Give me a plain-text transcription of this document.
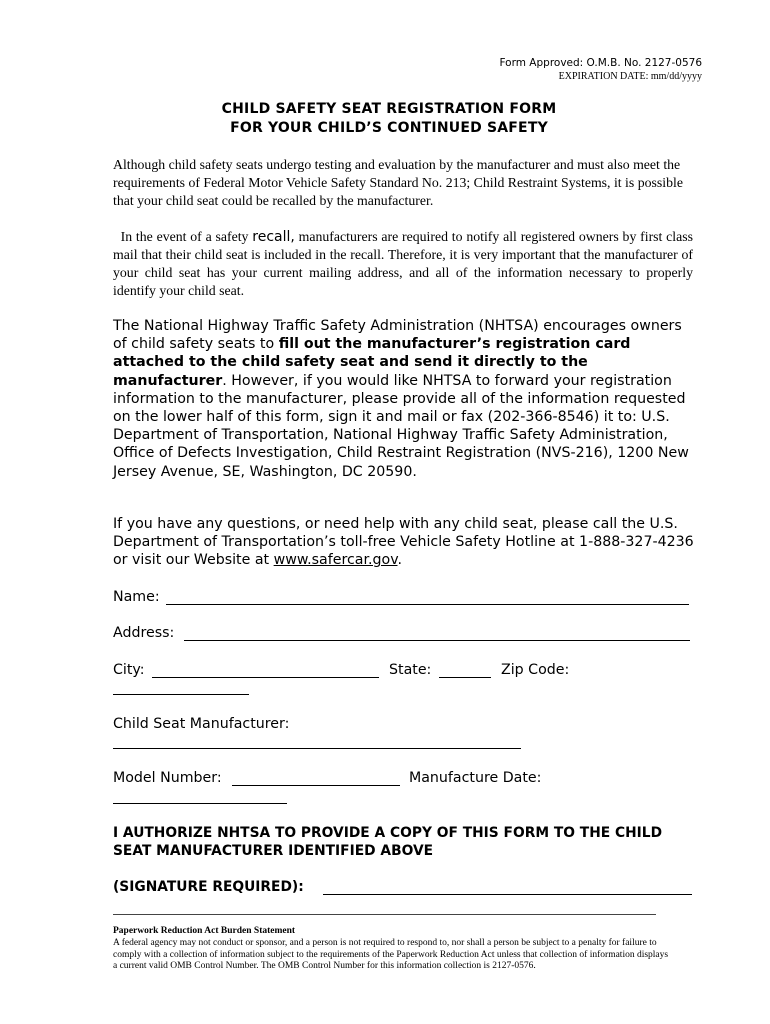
Form Approved: O.M.B. No. 2127-0576
EXPIRATION DATE: mm/dd/yyyy
CHILD SAFETY SEAT REGISTRATION FORM
FOR YOUR CHILD’S CONTINUED SAFETY
Although child safety seats undergo testing and evaluation by the manufacturer and must also meet the requirements of Federal Motor Vehicle Safety Standard No. 213; Child Restraint Systems, it is possible that your child seat could be recalled by the manufacturer.
In the event of a safety recall, manufacturers are required to notify all registered owners by first class mail that their child seat is included in the recall. Therefore, it is very important that the manufacturer of your child seat has your current mailing address, and all of the information necessary to properly identify your child seat.
The National Highway Traffic Safety Administration (NHTSA) encourages owners of child safety seats to fill out the manufacturer’s registration card attached to the child safety seat and send it directly to the manufacturer. However, if you would like NHTSA to forward your registration information to the manufacturer, please provide all of the information requested on the lower half of this form, sign it and mail or fax (202-366-8546) it to: U.S. Department of Transportation, National Highway Traffic Safety Administration, Office of Defects Investigation, Child Restraint Registration (NVS-216), 1200 New Jersey Avenue, SE, Washington, DC 20590.
If you have any questions, or need help with any child seat, please call the U.S. Department of Transportation’s toll-free Vehicle Safety Hotline at 1-888-327-4236 or visit our Website at www.safercar.gov.
Name:
Address:
City:	State:	Zip Code:
Child Seat Manufacturer:
Model Number:	Manufacture Date:
I AUTHORIZE NHTSA TO PROVIDE A COPY OF THIS FORM TO THE CHILD SEAT MANUFACTURER IDENTIFIED ABOVE
(SIGNATURE REQUIRED):
Paperwork Reduction Act Burden Statement
A federal agency may not conduct or sponsor, and a person is not required to respond to, nor shall a person be subject to a penalty for failure to comply with a collection of information subject to the requirements of the Paperwork Reduction Act unless that collection of information displays a current valid OMB Control Number. The OMB Control Number for this information collection is 2127-0576.
